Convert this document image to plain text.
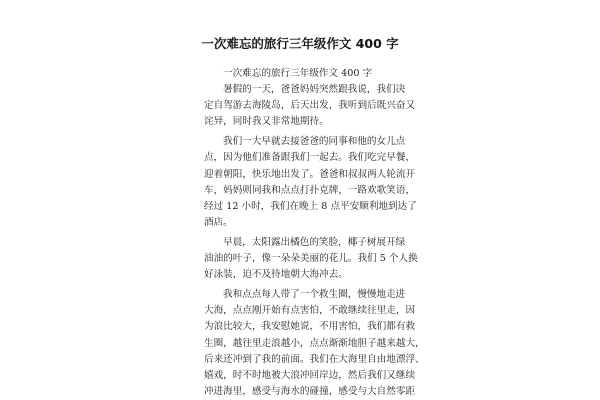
一次难忘的旅行三年级作文 400 字
一次难忘的旅行三年级作文 400 字
暑假的一天，爸爸妈妈突然跟我说，我们决
定自驾游去海陵岛，后天出发，我听到后既兴奋又
诧异，同时我又非常地期待。
我们一大早就去接爸爸的同事和他的女儿点
点，因为他们准备跟我们一起去。我们吃完早餐，
迎着朝阳，快乐地出发了。爸爸和叔叔两人轮流开
车，妈妈则同我和点点打扑克牌，一路欢歌笑语，
经过 12 小时，我们在晚上 8 点平安顺利地到达了
酒店。
早晨，太阳露出橘色的笑脸，椰子树展开绿
油油的叶子，像一朵朵美丽的花儿。我们 5 个人换
好泳装，迫不及待地朝大海冲去。
我和点点每人带了一个救生圈，慢慢地走进
大海，点点刚开始有点害怕，不敢继续往里走，因
为浪比较大，我安慰她说，不用害怕，我们都有救
生圈，越往里走浪越小，点点渐渐地胆子越来越大，
后来还冲到了我的前面。我们在大海里自由地漂浮、
嬉戏，时不时地被大浪冲回岸边，然后我们又继续
冲进海里，感受与海水的碰撞，感受与大自然零距
